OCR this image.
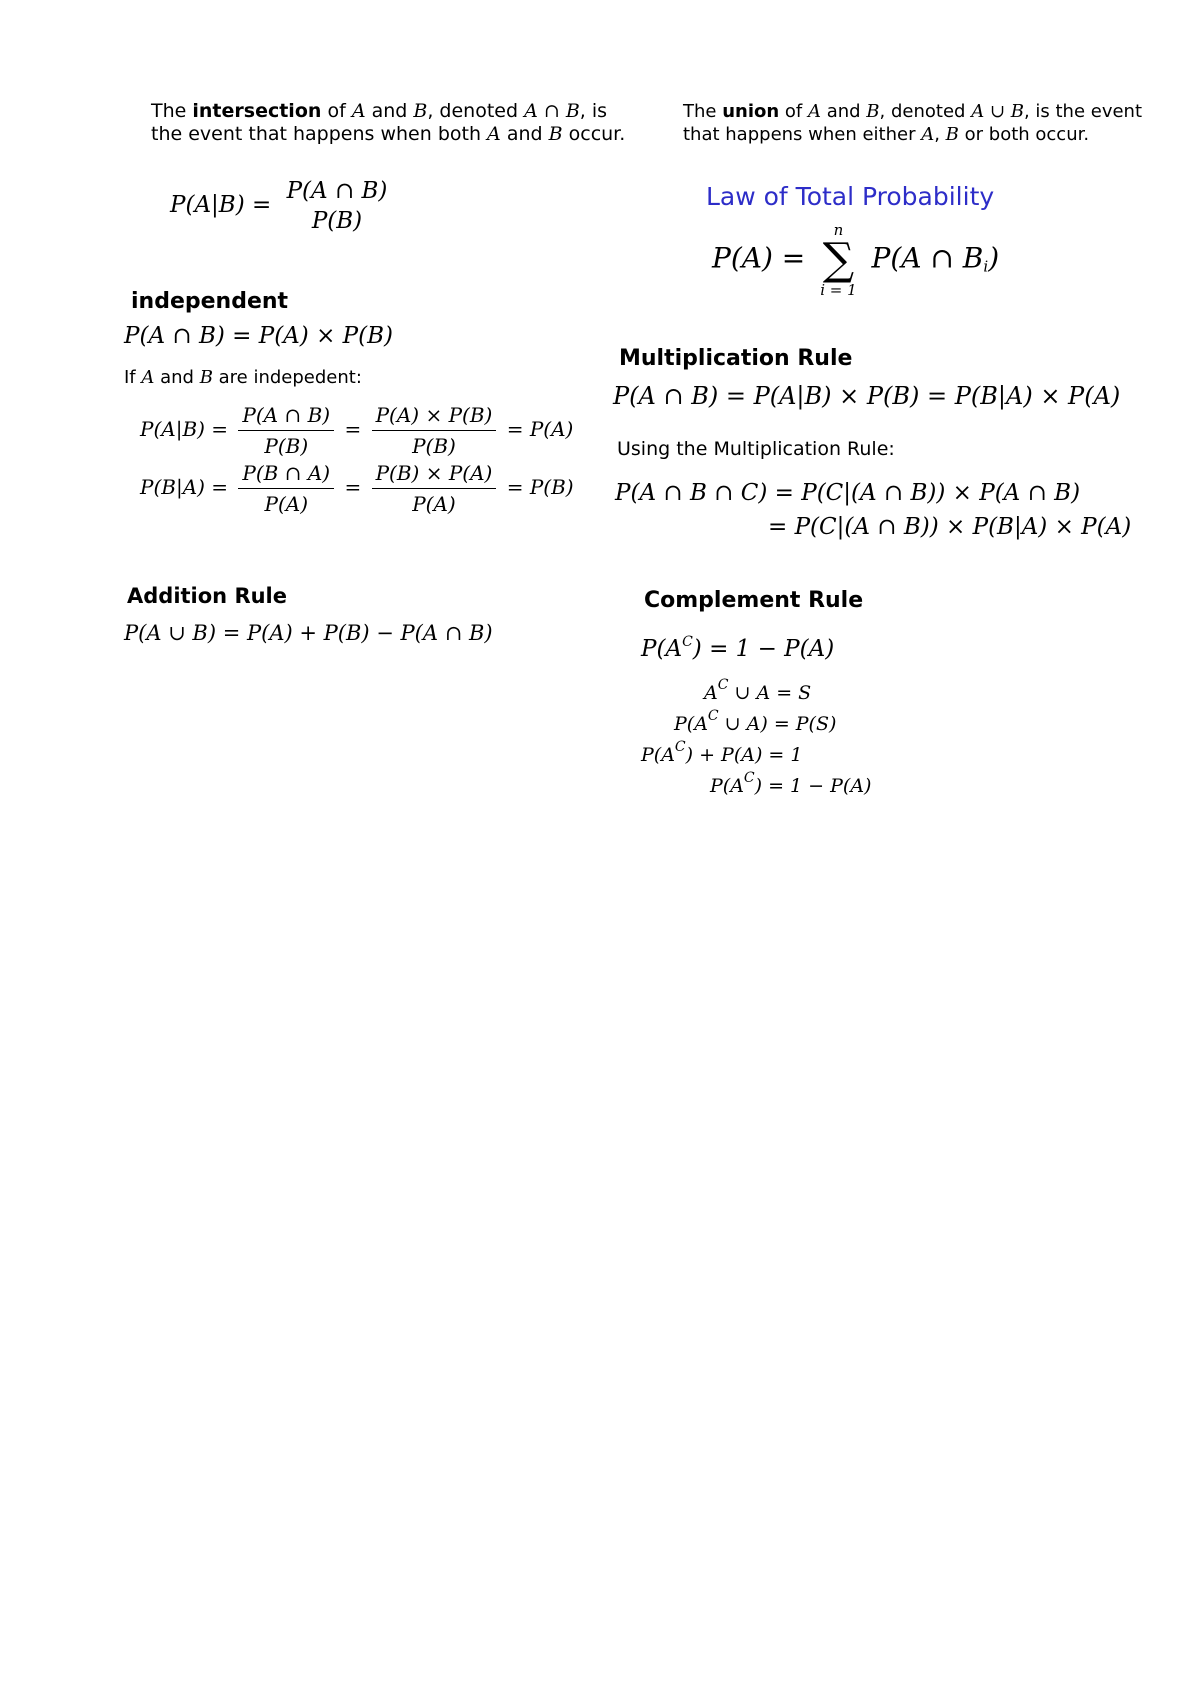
The intersection of A and B, denoted A ∩ B, is
the event that happens when both A and B occur.
The union of A and B, denoted A ∪ B, is the event
that happens when either A, B or both occur.
P(A|B) =
P(A ∩ B)
P(B)
Law of Total Probability
P(A) =
n
∑
i = 1
P(A ∩ $B_i$)
independent
P(A ∩ B) = P(A) × P(B)
If A and B are indepedent:
$P(A|B) = \frac{P(A \cap B)}{P(B)} = \frac{P(A) \times P(B)}{P(B)} = P(A)$
$P(B|A) = \frac{P(B \cap A)}{P(A)} = \frac{P(B) \times P(A)}{P(A)} = P(B)$
Multiplication Rule
P(A ∩ B) = P(A|B) × P(B) = P(B|A) × P(A)
Using the Multiplication Rule:
P(A ∩ B ∩ C) = P(C|(A ∩ B)) × P(A ∩ B)
= P(C|(A ∩ B)) × P(B|A) × P(A)
Addition Rule
P(A ∪ B) = P(A) + P(B) − P(A ∩ B)
Complement Rule
$P(A^C) = 1 - P(A)$
$A^C$ ∪ A = S
$P(A^C$ ∪ A) = P(S)
$P(A^C) + P(A) = 1$
$P(A^C) = 1 - P(A)$
